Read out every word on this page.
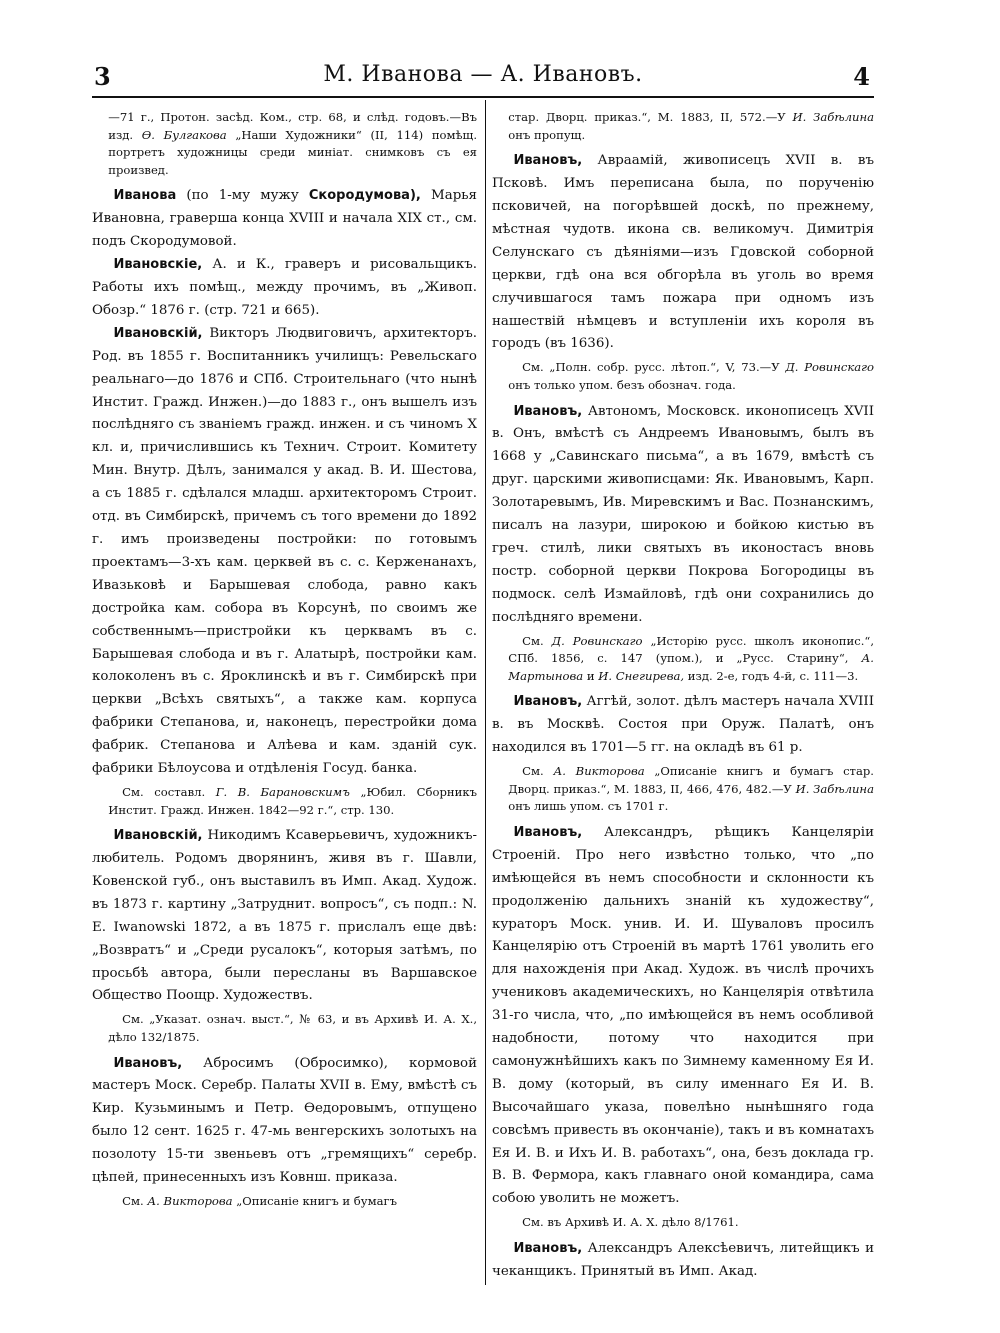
3	М. Иванова — А. Ивановъ.	4

—71 г., Протон. засѣд. Ком., стр. 68, и слѣд. годовъ.—Въ изд. Ѳ. Булгакова „Наши Художники“ (II, 114) помѣщ. портретъ художницы среди миніат. снимковъ съ ея произвед.

Иванова (по 1-му мужу Скородумова), Марья Ивановна, граверша конца XVIII и начала XIX ст., см. подъ Скородумовой.

Ивановскіе, А. и К., граверъ и рисовальщикъ. Работы ихъ помѣщ., между прочимъ, въ „Живоп. Обозр.“ 1876 г. (стр. 721 и 665).

Ивановскій, Викторъ Людвиговичъ, архитекторъ. Род. въ 1855 г. Воспитанникъ училищъ: Ревельскаго реальнаго—до 1876 и СПб. Строительнаго (что нынѣ Инстит. Гражд. Инжен.)—до 1883 г., онъ вышелъ изъ послѣдняго съ званіемъ гражд. инжен. и съ чиномъ X кл. и, причислившись къ Технич. Строит. Комитету Мин. Внутр. Дѣлъ, занимался у акад. В. И. Шестова, а съ 1885 г. сдѣлался младш. архитекторомъ Строит. отд. въ Симбирскѣ, причемъ съ того времени до 1892 г. имъ произведены постройки: по готовымъ проектамъ—3-хъ кам. церквей въ с. с. Керженанахъ, Ивазьковѣ и Барышевая слобода, равно какъ достройка кам. собора въ Корсунѣ, по своимъ же собственнымъ—пристройки къ церквамъ въ с. Барышевая слобода и въ г. Алатырѣ, постройки кам. колоколенъ въ с. Яроклинскѣ и въ г. Симбирскѣ при церкви „Всѣхъ святыхъ“, а также кам. корпуса фабрики Степанова, и, наконецъ, перестройки дома фабрик. Степанова и Алѣева и кам. зданій сук. фабрики Бѣлоусова и отдѣленія Госуд. банка.

См. составл. Г. В. Барановскимъ „Юбил. Сборникъ Инстит. Гражд. Инжен. 1842—92 г.“, стр. 130.

Ивановскій, Никодимъ Ксаверьевичъ, художникъ-любитель. Родомъ дворянинъ, живя въ г. Шавли, Ковенской губ., онъ выставилъ въ Имп. Акад. Худож. въ 1873 г. картину „Затруднит. вопросъ“, съ подп.: N. E. Iwanowski 1872, а въ 1875 г. прислалъ еще двѣ: „Возвратъ“ и „Среди русалокъ“, которыя затѣмъ, по просьбѣ автора, были пересланы въ Варшавское Общество Поощр. Художествъ.

См. „Указат. означ. выст.“, № 63, и въ Архивѣ И. А. Х., дѣло 132/1875.

Ивановъ, Абросимъ (Обросимко), кормовой мастеръ Моск. Серебр. Палаты XVII в. Ему, вмѣстѣ съ Кир. Кузьминымъ и Петр. Ѳедоровымъ, отпущено было 12 сент. 1625 г. 47-мь венгерскихъ золотыхъ на позолоту 15-ти звеньевъ отъ „гремящихъ“ серебр. цѣпей, принесенныхъ изъ Ковнш. приказа.

См. А. Викторова „Описаніе книгъ и бумагъ

стар. Дворц. приказ.“, М. 1883, II, 572.—У И. Забѣлина онъ пропущ.

Ивановъ, Авраамій, живописецъ XVII в. въ Псковѣ. Имъ переписана была, по порученію псковичей, на погорѣвшей доскѣ, по прежнему, мѣстная чудотв. икона св. великомуч. Димитрія Селунскаго съ дѣяніями—изъ Гдовской соборной церкви, гдѣ она вся обгорѣла въ уголь во время случившагося тамъ пожара при одномъ изъ нашествій нѣмцевъ и вступленіи ихъ короля въ городъ (въ 1636).

См. „Полн. собр. русс. лѣтоп.“, V, 73.—У Д. Ровинскаго онъ только упом. безъ обознач. года.

Ивановъ, Автономъ, Московск. иконописецъ XVII в. Онъ, вмѣстѣ съ Андреемъ Ивановымъ, былъ въ 1668 у „Савинскаго письма“, а въ 1679, вмѣстѣ съ друг. царскими живописцами: Як. Ивановымъ, Карп. Золотаревымъ, Ив. Миревскимъ и Вас. Познанскимъ, писалъ на лазури, широкою и бойкою кистью въ греч. стилѣ, лики святыхъ въ иконостасъ вновь постр. соборной церкви Покрова Богородицы въ подмоск. селѣ Измайловѣ, гдѣ они сохранились до послѣдняго времени.

См. Д. Ровинскаго „Исторію русс. школъ иконопис.“, СПб. 1856, с. 147 (упом.), и „Русс. Старину“, А. Мартынова и И. Снегирева, изд. 2-е, годъ 4-й, с. 111—3.

Ивановъ, Аггѣй, золот. дѣлъ мастеръ начала XVIII в. въ Москвѣ. Состоя при Оруж. Палатѣ, онъ находился въ 1701—5 гг. на окладѣ въ 61 р.

См. А. Викторова „Описаніе книгъ и бумагъ стар. Дворц. приказ.“, М. 1883, II, 466, 476, 482.—У И. Забѣлина онъ лишь упом. съ 1701 г.

Ивановъ, Александръ, рѣщикъ Канцеляріи Строеній. Про него извѣстно только, что „по имѣющейся въ немъ способности и склонности къ продолженію дальнихъ знаній къ художеству“, кураторъ Моск. унив. И. И. Шуваловъ просилъ Канцелярію отъ Строеній въ мартѣ 1761 уволить его для нахожденія при Акад. Худож. въ числѣ прочихъ учениковъ академическихъ, но Канцелярія отвѣтила 31-го числа, что, „по имѣющейся въ немъ особливой надобности, потому что находится при самонужнѣйшихъ какъ по Зимнему каменному Ея И. В. дому (который, въ силу именнаго Ея И. В. Высочайшаго указа, повелѣно нынѣшняго года совсѣмъ привесть въ окончаніе), такъ и въ комнатахъ Ея И. В. и Ихъ И. В. работахъ“, она, безъ доклада гр. В. В. Фермора, какъ главнаго оной командира, сама собою уволить не можетъ.

См. въ Архивѣ И. А. Х. дѣло 8/1761.

Ивановъ, Александръ Алексѣевичъ, литейщикъ и чеканщикъ. Принятый въ Имп. Акад.
